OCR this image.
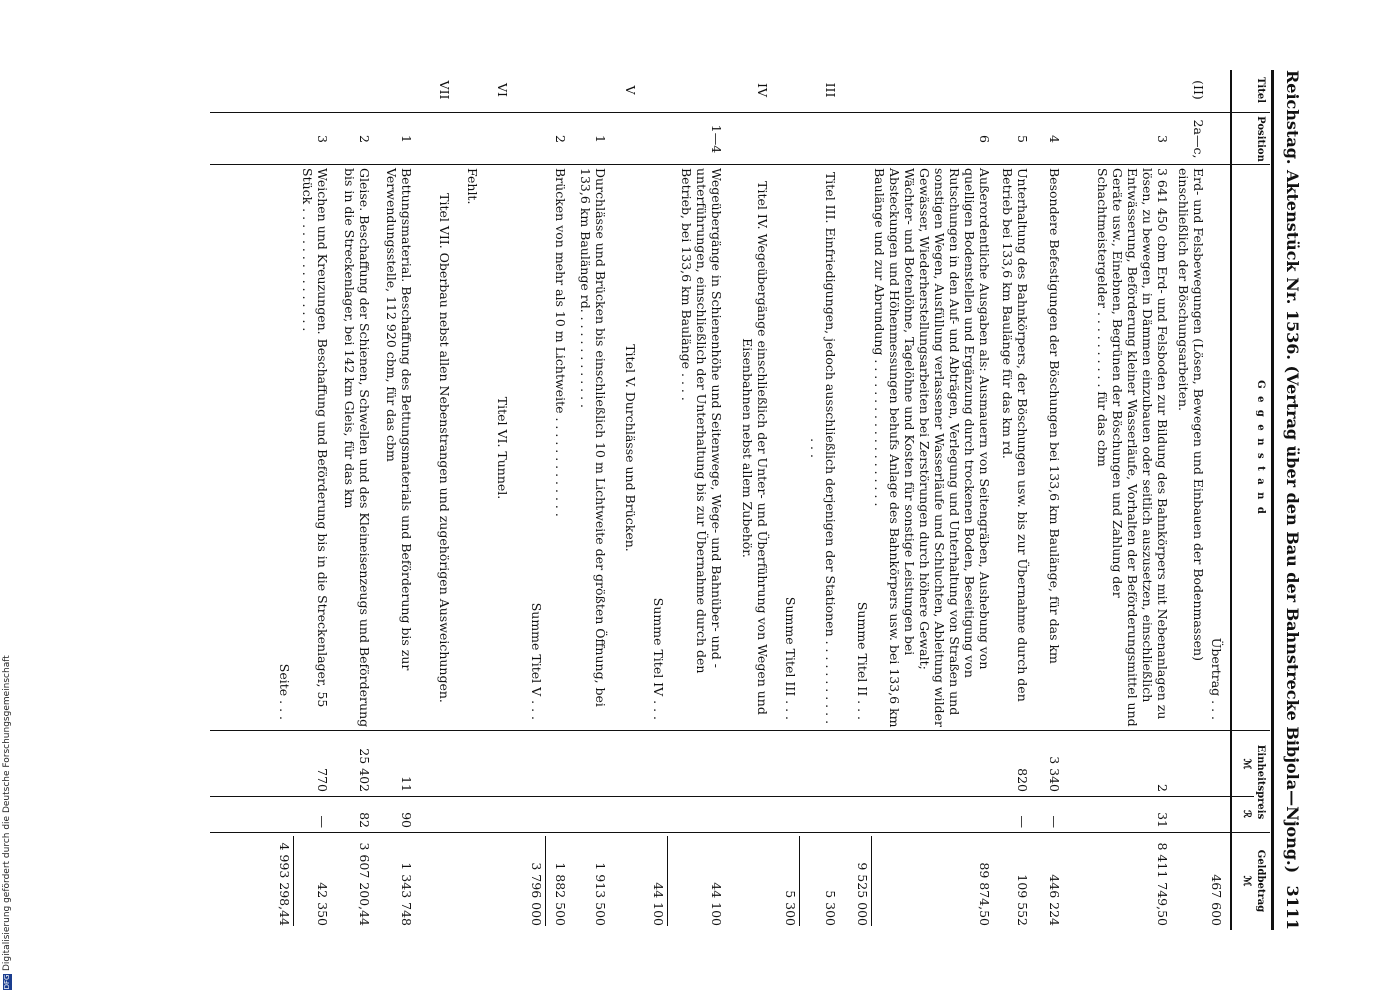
Reichstag. Aktenstück Nr. 1536. (Vertrag über den Bau der Bahnstrecke Bibjola—Njong.)
3111
Titel
Position
G e g e n s t a n d
Einheitspreis
ℳ
ℛ
Geldbetrag
ℳ
Übertrag . . .
467 600
(II)
2a—c,
Erd- und Felsbewegungen (Lösen, Bewegen und Einbauen der Bodenmassen) einschließlich der Böschungsarbeiten.
3
3 641 450 cbm Erd- und Felsboden zur Bildung des Bahnkörpers mit Nebenanlagen zu lösen, zu bewegen, in Dämmen einzubauen oder seitlich auszusetzen, einschließlich Entwässerung, Beförderung kleiner Wasserläufe, Vorhalten der Beförderungsmittel und Geräte usw., Einebnen, Begrünen der Böschungen und Zahlung der Schachtmeistergelder . . . . . . . . . . für das cbm
2
31
8 411 749,50
4
Besondere Befestigungen der Böschungen bei 133,6 km Baulänge, für das km
3 340
—
446 224
5
Unterhaltung des Bahnkörpers, der Böschungen usw. bis zur Übernahme durch den Betrieb bei 133,6 km Baulänge für das km rd.
820
—
109 552
6
Außerordentliche Ausgaben als: Ausmauern von Seitengräben, Aushebung von quelligen Bodenstellen und Ergänzung durch trockenen Boden, Beseitigung von Rutschungen in den Auf- und Abträgen, Verlegung und Unterhaltung von Straßen und sonstigen Wegen, Ausfüllung verlassener Wasserläufe und Schluchten, Ableitung wilder Gewässer, Wiederherstellungsarbeiten bei Zerstörungen durch höhere Gewalt; Wächter- und Botenlöhne, Tagelöhne und Kosten für sonstige Leistungen bei Absteckungen und Höhenmessungen behufs Anlage des Bahnkörpers usw. bei 133,6 km Baulänge und zur Abrundung . . . . . . . . . . . . . . . . . . .
89 874,50
Summe Titel II . . .
9 525 000
III
Titel III. Einfriedigungen, jedoch ausschließlich derjenigen der Stationen . . . . . . . . . . . . . .
5 300
Summe Titel III . . .
5 300
IV
Titel IV. Wegeübergänge einschließlich der Unter- und Überführung von Wegen und Eisenbahnen nebst allem Zubehör.
1—4
Wegeübergänge in Schienenhöhe und Seitenwege, Wege- und Bahnüber- und -unterführungen, einschließlich der Unterhaltung bis zur Übernahme durch den Betrieb, bei 133,6 km Baulänge . . . .
44 100
Summe Titel IV . . .
44 100
V
Titel V. Durchlässe und Brücken.
1
Durchlässe und Brücken bis einschließlich 10 m Lichtweite der größten Öffnung, bei 133,6 km Baulänge rd. . . . . . . . . . . . .
1 913 500
2
Brücken von mehr als 10 m Lichtweite . . . . . . . . . . . . .
1 882 500
Summe Titel V . . .
3 796 000
VI
Titel VI. Tunnel.
Fehlt.
VII
Titel VII. Oberbau nebst allen Nebenstrangen und zugehörigen Ausweichungen.
1
Bettungsmaterial. Beschaffung des Bettungsmaterials und Beförderung bis zur Verwendungsstelle, 112 920 cbm, für das cbm
11
90
1 343 748
2
Gleise. Beschaffung der Schienen, Schwellen und des Kleineisenzeugs und Beförderung bis in die Streckenlager, bei 142 km Gleis, für das km
25 402
82
3 607 200,44
3
Weichen und Kreuzungen. Beschaffung und Beförderung bis in die Streckenlager, 55 Stück . . . . . . . . . . . . . . . .
770
—
42 350
Seite . . .
4 993 298,44
DFGDigitalisierung gefördert durch die Deutsche Forschungsgemeinschaft
